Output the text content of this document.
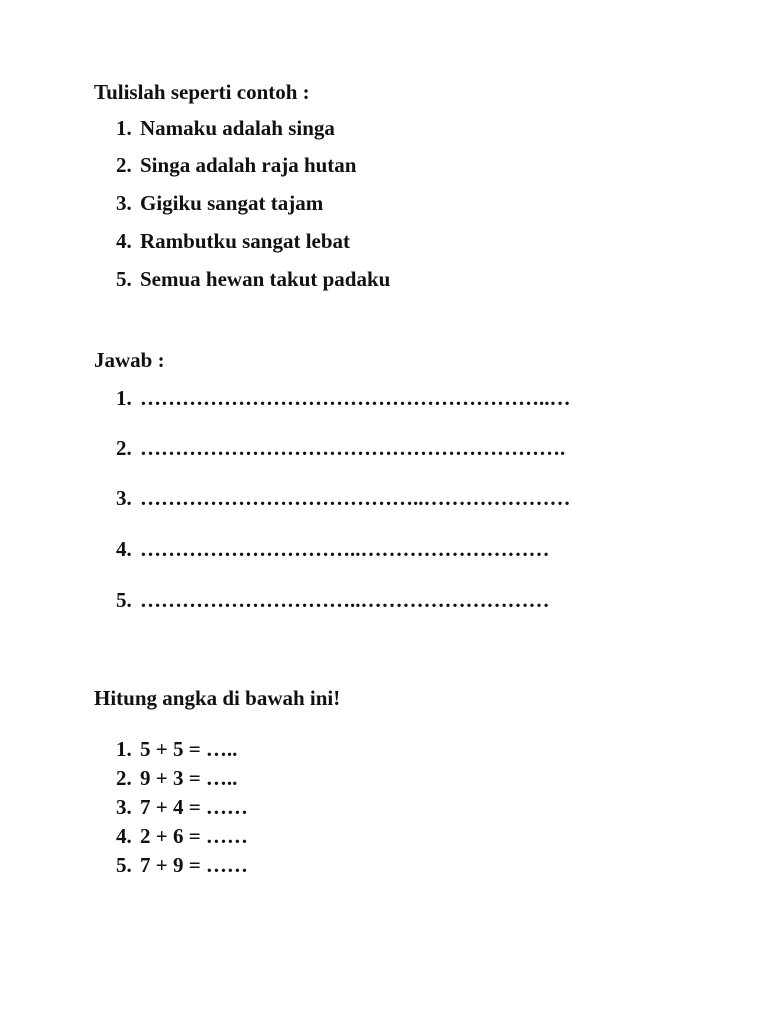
Tulislah seperti contoh :
1. Namaku adalah singa
2. Singa adalah raja hutan
3. Gigiku sangat tajam
4. Rambutku sangat lebat
5. Semua hewan takut padaku
Jawab :
1. …………………………………………………..…
2. …………………………………………………….
3. …………………………………..…………………
4. …………………………..………………………
5. …………………………..………………………
Hitung angka di bawah ini!
1. 5 + 5 = …..
2. 9 + 3 = …..
3. 7 + 4 = ……
4. 2 + 6 = ……
5. 7 + 9 = ……
